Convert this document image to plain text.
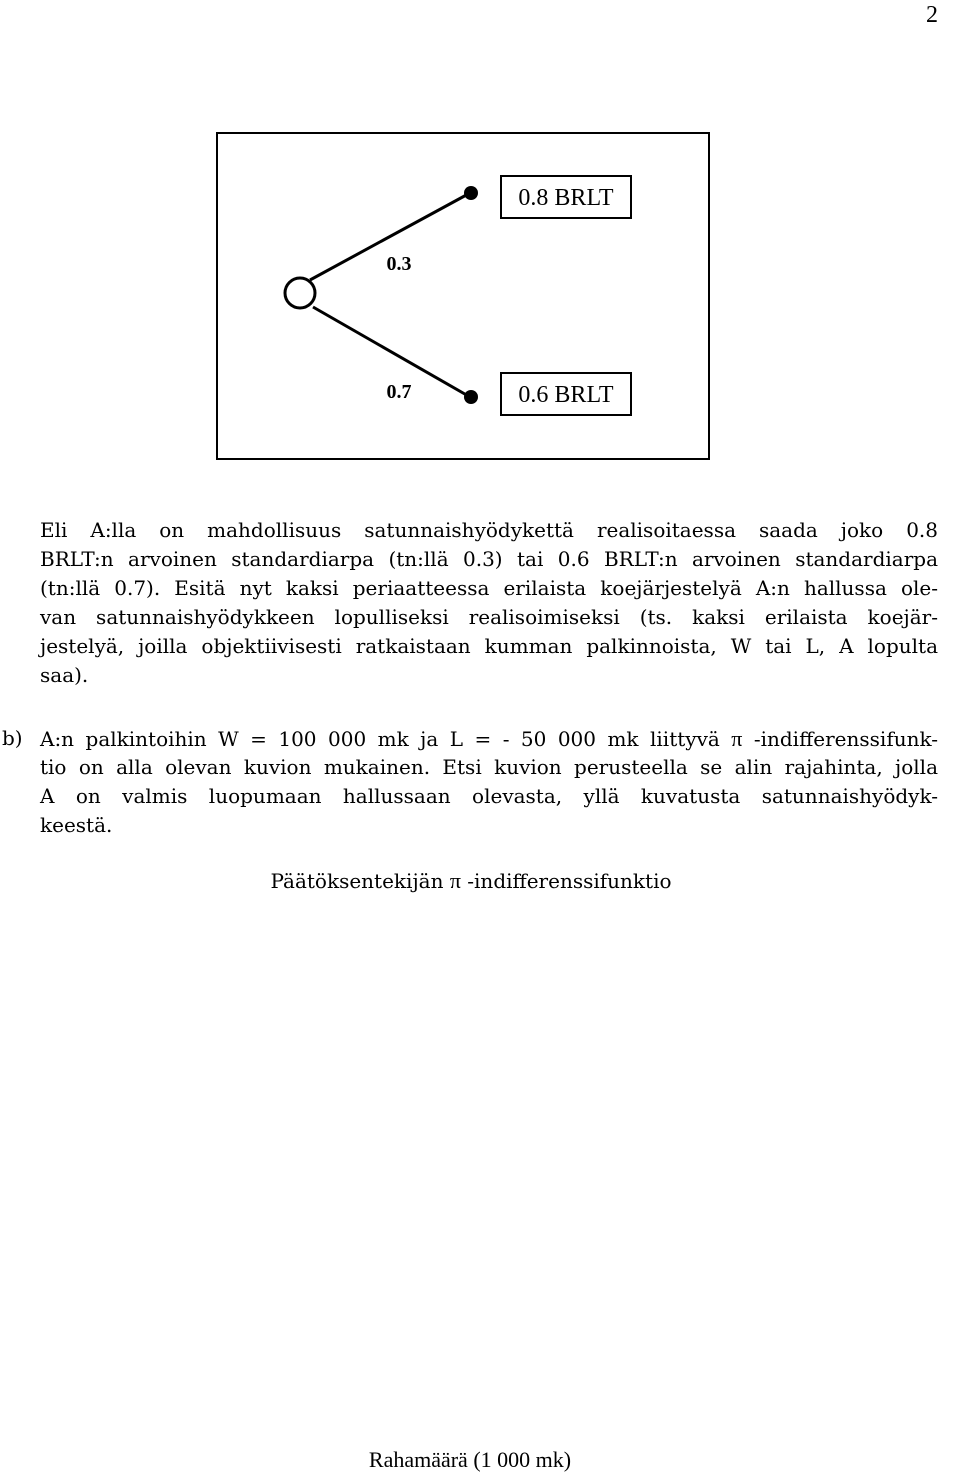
2
0.8 BRLT
0.6 BRLT
0.3
0.7
Eli A:lla on mahdollisuus satunnaishyödykettä realisoitaessa saada joko 0.8
BRLT:n arvoinen standardiarpa (tn:llä 0.3) tai 0.6 BRLT:n arvoinen standardiarpa
(tn:llä 0.7). Esitä nyt kaksi periaatteessa erilaista koejärjestelyä A:n hallussa ole-
van satunnaishyödykkeen lopulliseksi realisoimiseksi (ts. kaksi erilaista koejär-
jestelyä, joilla objektiivisesti ratkaistaan kumman palkinnoista, W tai L, A lopulta
saa).
b) A:n palkintoihin W = 100 000 mk ja L = - 50 000 mk liittyvä π -indifferenssifunk-
tio on alla olevan kuvion mukainen. Etsi kuvion perusteella se alin rajahinta, jolla
A on valmis luopumaan hallussaan olevasta, yllä kuvatusta satunnaishyödyk-
keestä.
Päätöksentekijän π -indifferenssifunktio
Rahamäärä (1 000 mk)
